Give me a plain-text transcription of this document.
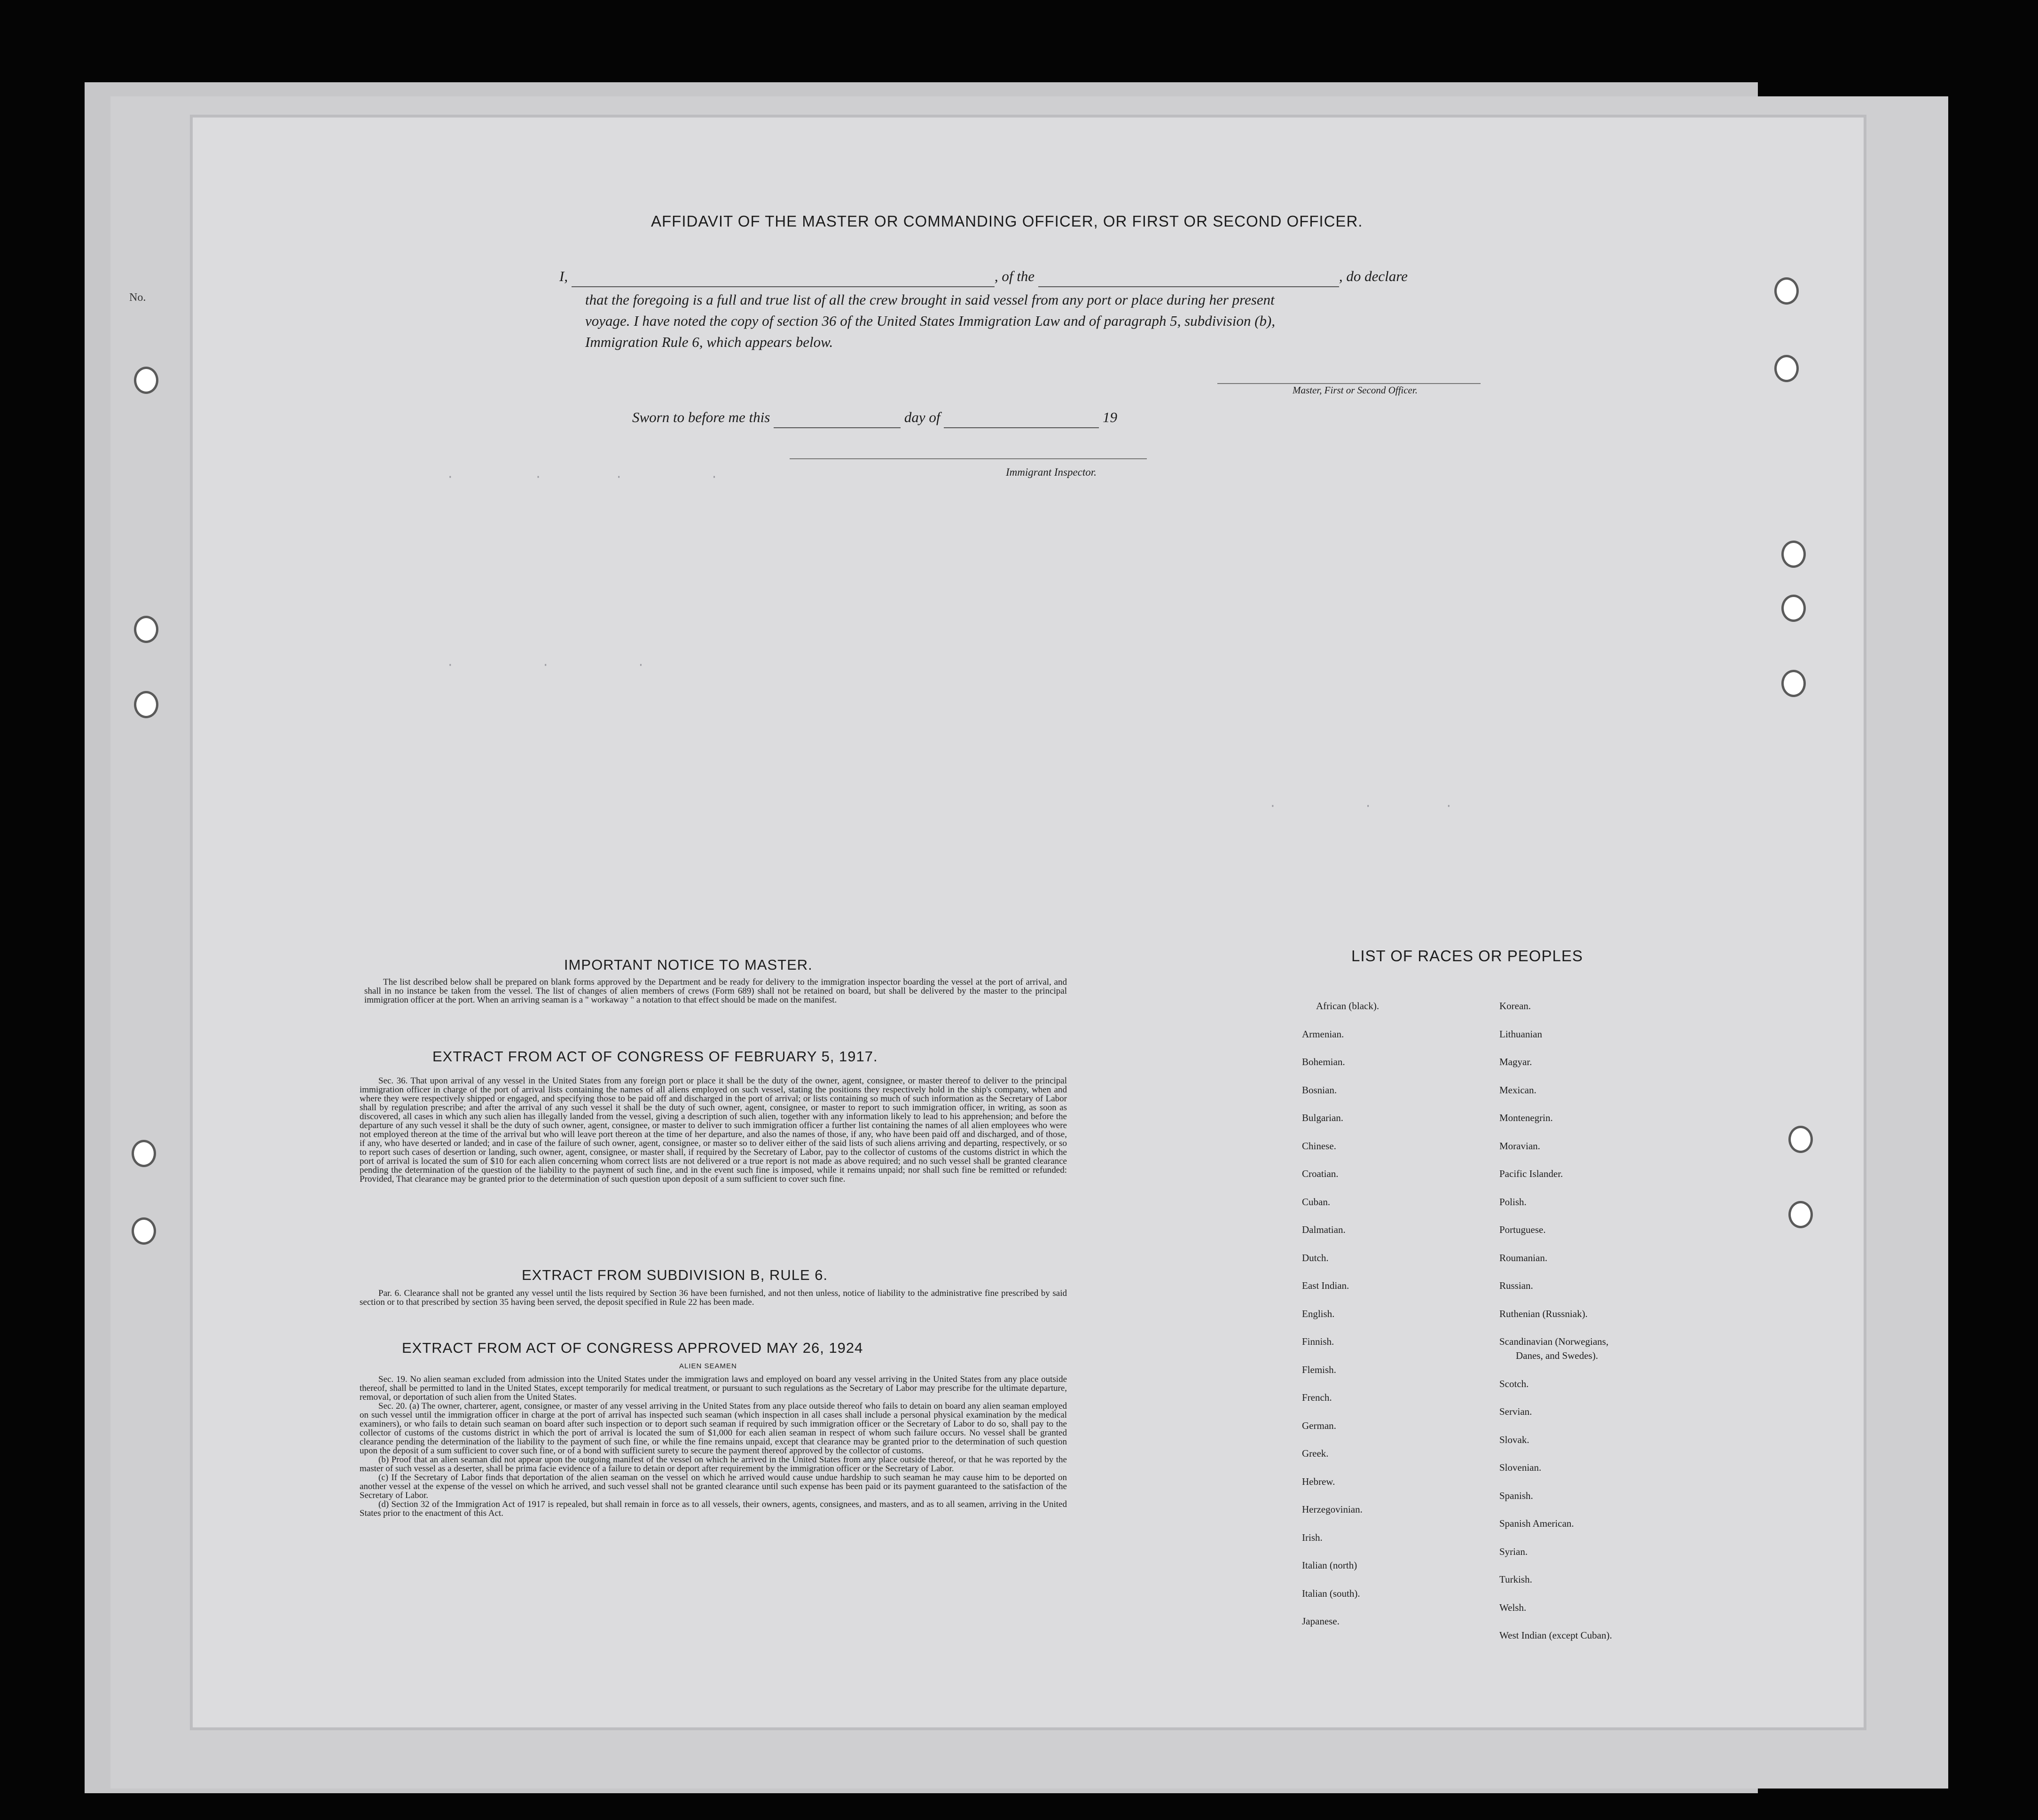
No.
·           ·          ·            ·
·            ·            ·
·            ·          ·
AFFIDAVIT OF THE MASTER OR COMMANDING OFFICER, OR FIRST OR SECOND OFFICER.
I,	, of the	, do declare
that the foregoing is a full and true list of all the crew brought in said vessel from any port or place during her present
voyage. I have noted the copy of section 36 of the United States Immigration Law and of paragraph 5, subdivision (b),
Immigration Rule 6, which appears below.
Master, First or Second Officer.
Sworn to before me this	day of	19
Immigrant Inspector.
IMPORTANT NOTICE TO MASTER.

The list described below shall be prepared on blank forms approved by the Department and be ready for delivery to the immigration inspector boarding the vessel at the port of arrival, and shall in no instance be taken from the vessel. The list of changes of alien members of crews (Form 689) shall not be retained on board, but shall be delivered by the master to the principal immigration officer at the port. When an arriving seaman is a " workaway " a notation to that effect should be made on the manifest.

EXTRACT FROM ACT OF CONGRESS OF FEBRUARY 5, 1917.

Sec. 36. That upon arrival of any vessel in the United States from any foreign port or place it shall be the duty of the owner, agent, consignee, or master thereof to deliver to the principal immigration officer in charge of the port of arrival lists containing the names of all aliens employed on such vessel, stating the positions they respectively hold in the ship's company, when and where they were respectively shipped or engaged, and specifying those to be paid off and discharged in the port of arrival; or lists containing so much of such information as the Secretary of Labor shall by regulation prescribe; and after the arrival of any such vessel it shall be the duty of such owner, agent, consignee, or master to report to such immigration officer, in writing, as soon as discovered, all cases in which any such alien has illegally landed from the vessel, giving a description of such alien, together with any information likely to lead to his apprehension; and before the departure of any such vessel it shall be the duty of such owner, agent, consignee, or master to deliver to such immigration officer a further list containing the names of all alien employees who were not employed thereon at the time of the arrival but who will leave port thereon at the time of her departure, and also the names of those, if any, who have been paid off and discharged, and of those, if any, who have deserted or landed; and in case of the failure of such owner, agent, consignee, or master so to deliver either of the said lists of such aliens arriving and departing, respectively, or so to report such cases of desertion or landing, such owner, agent, consignee, or master shall, if required by the Secretary of Labor, pay to the collector of customs of the customs district in which the port of arrival is located the sum of $10 for each alien concerning whom correct lists are not delivered or a true report is not made as above required; and no such vessel shall be granted clearance pending the determination of the question of the liability to the payment of such fine, and in the event such fine is imposed, while it remains unpaid; nor shall such fine be remitted or refunded: Provided, That clearance may be granted prior to the determination of such question upon deposit of a sum sufficient to cover such fine.

EXTRACT FROM SUBDIVISION B, RULE 6.

Par. 6. Clearance shall not be granted any vessel until the lists required by Section 36 have been furnished, and not then unless, notice of liability to the administrative fine prescribed by said section or to that prescribed by section 35 having been served, the deposit specified in Rule 22 has been made.

EXTRACT FROM ACT OF CONGRESS APPROVED MAY 26, 1924
ALIEN SEAMEN

Sec. 19. No alien seaman excluded from admission into the United States under the immigration laws and employed on board any vessel arriving in the United States from any place outside thereof, shall be permitted to land in the United States, except temporarily for medical treatment, or pursuant to such regulations as the Secretary of Labor may prescribe for the ultimate departure, removal, or deportation of such alien from the United States.

Sec. 20. (a) The owner, charterer, agent, consignee, or master of any vessel arriving in the United States from any place outside thereof who fails to detain on board any alien seaman employed on such vessel until the immigration officer in charge at the port of arrival has inspected such seaman (which inspection in all cases shall include a personal physical examination by the medical examiners), or who fails to detain such seaman on board after such inspection or to deport such seaman if required by such immigration officer or the Secretary of Labor to do so, shall pay to the collector of customs of the customs district in which the port of arrival is located the sum of $1,000 for each alien seaman in respect of whom such failure occurs. No vessel shall be granted clearance pending the determination of the liability to the payment of such fine, or while the fine remains unpaid, except that clearance may be granted prior to the determination of such question upon the deposit of a sum sufficient to cover such fine, or of a bond with sufficient surety to secure the payment thereof approved by the collector of customs.

(b) Proof that an alien seaman did not appear upon the outgoing manifest of the vessel on which he arrived in the United States from any place outside thereof, or that he was reported by the master of such vessel as a deserter, shall be prima facie evidence of a failure to detain or deport after requirement by the immigration officer or the Secretary of Labor.

(c) If the Secretary of Labor finds that deportation of the alien seaman on the vessel on which he arrived would cause undue hardship to such seaman he may cause him to be deported on another vessel at the expense of the vessel on which he arrived, and such vessel shall not be granted clearance until such expense has been paid or its payment guaranteed to the satisfaction of the Secretary of Labor.

(d) Section 32 of the Immigration Act of 1917 is repealed, but shall remain in force as to all vessels, their owners, agents, consignees, and masters, and as to all seamen, arriving in the United States prior to the enactment of this Act.

LIST OF RACES OR PEOPLES
African (black).
Armenian.
Bohemian.
Bosnian.
Bulgarian.
Chinese.
Croatian.
Cuban.
Dalmatian.
Dutch.
East Indian.
English.
Finnish.
Flemish.
French.
German.
Greek.
Hebrew.
Herzegovinian.
Irish.
Italian (north)
Italian (south).
Japanese.
Korean.
Lithuanian
Magyar.
Mexican.
Montenegrin.
Moravian.
Pacific Islander.
Polish.
Portuguese.
Roumanian.
Russian.
Ruthenian (Russniak).
Scandinavian (Norwegians,
Danes, and Swedes).
Scotch.
Servian.
Slovak.
Slovenian.
Spanish.
Spanish American.
Syrian.
Turkish.
Welsh.
West Indian (except Cuban).
